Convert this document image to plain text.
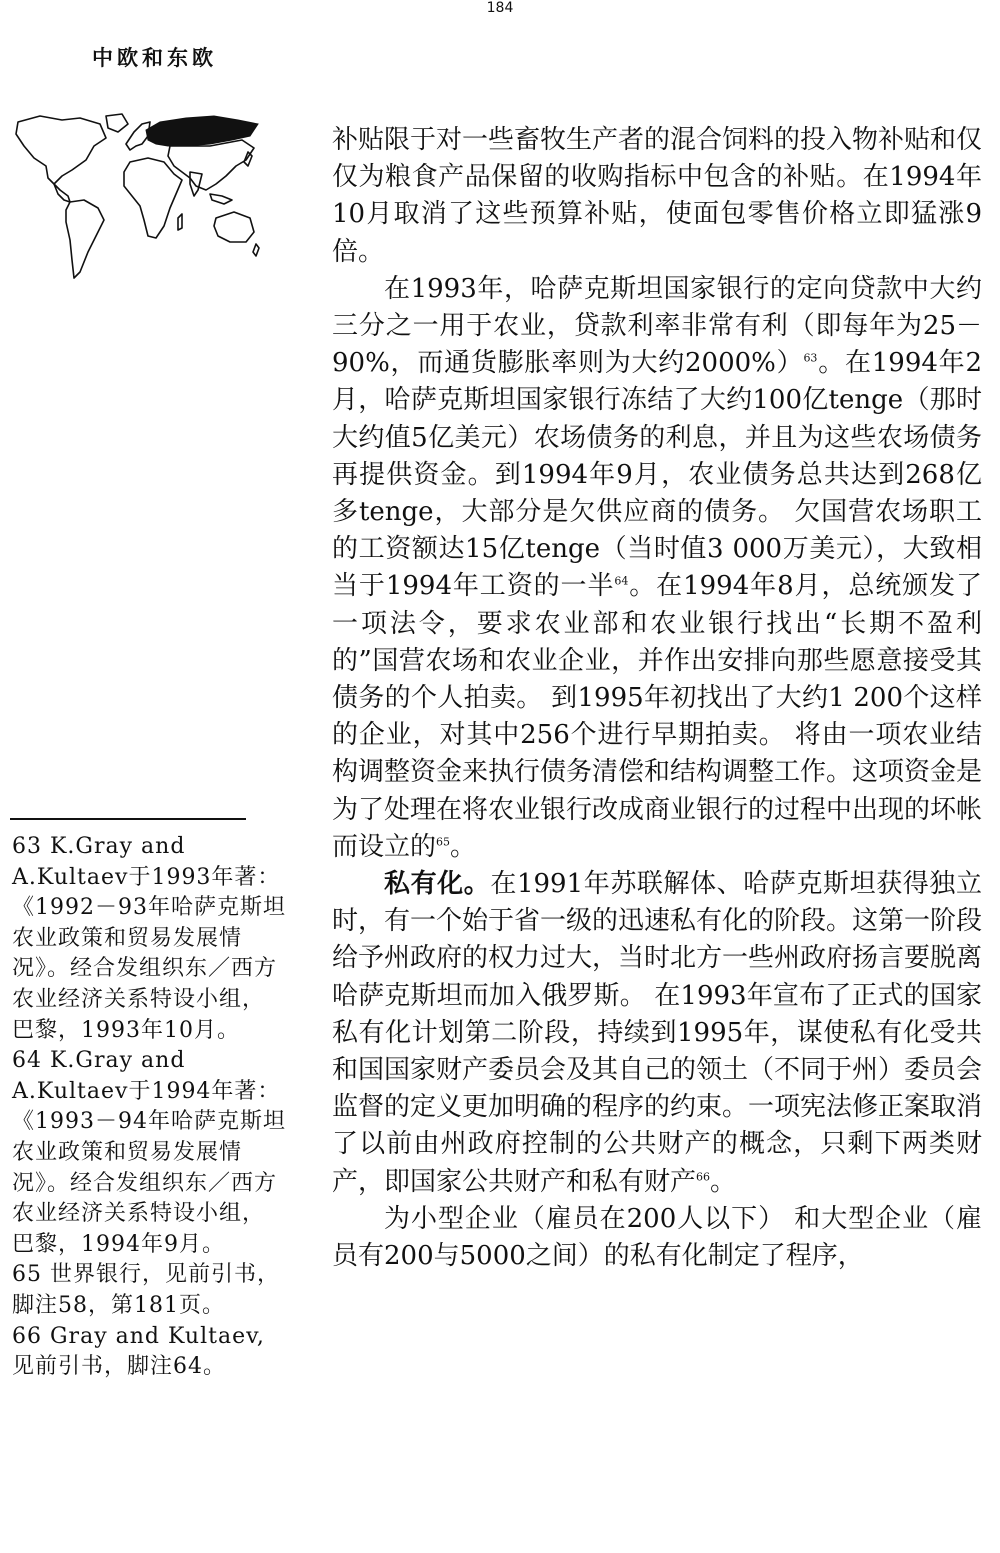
184
中欧和东欧

补贴限于对一些畜牧生产者的混合饲料的投入物补贴和仅仅为粮食产品保留的收购指标中包含的补贴。在1994年10月取消了这些预算补贴，使面包零售价格立即猛涨9倍。

在1993年，哈萨克斯坦国家银行的定向贷款中大约三分之一用于农业，贷款利率非常有利（即每年为25－90%，而通货膨胀率则为大约2000%）$^{63}$。在1994年2月，哈萨克斯坦国家银行冻结了大约100亿tenge（那时大约值5亿美元）农场债务的利息，并且为这些农场债务再提供资金。到1994年9月，农业债务总共达到268亿多tenge，大部分是欠供应商的债务。 欠国营农场职工的工资额达15亿tenge（当时值3 000万美元），大致相当于1994年工资的一半$^{64}$。在1994年8月，总统颁发了一项法令，要求农业部和农业银行找出“长期不盈利的”国营农场和农业企业，并作出安排向那些愿意接受其债务的个人拍卖。 到1995年初找出了大约1 200个这样的企业，对其中256个进行早期拍卖。 将由一项农业结构调整资金来执行债务清偿和结构调整工作。这项资金是为了处理在将农业银行改成商业银行的过程中出现的坏帐而设立的$^{65}$。

私有化。在1991年苏联解体、哈萨克斯坦获得独立时，有一个始于省一级的迅速私有化的阶段。这第一阶段给予州政府的权力过大，当时北方一些州政府扬言要脱离哈萨克斯坦而加入俄罗斯。 在1993年宣布了正式的国家私有化计划第二阶段，持续到1995年，谋使私有化受共和国国家财产委员会及其自己的领土（不同于州）委员会监督的定义更加明确的程序的约束。一项宪法修正案取消了以前由州政府控制的公共财产的概念，只剩下两类财产，即国家公共财产和私有财产$^{66}$。

为小型企业（雇员在200人以下） 和大型企业（雇员有200与5000之间）的私有化制定了程序，

63 K.Gray and A.Kultaev于1993年著：《1992－93年哈萨克斯坦农业政策和贸易发展情况》。经合发组织东／西方农业经济关系特设小组，巴黎，1993年10月。

64 K.Gray and A.Kultaev于1994年著：《1993－94年哈萨克斯坦农业政策和贸易发展情况》。经合发组织东／西方农业经济关系特设小组，巴黎，1994年9月。

65 世界银行，见前引书，脚注58，第181页。

66 Gray and Kultaev, 见前引书，脚注64。
